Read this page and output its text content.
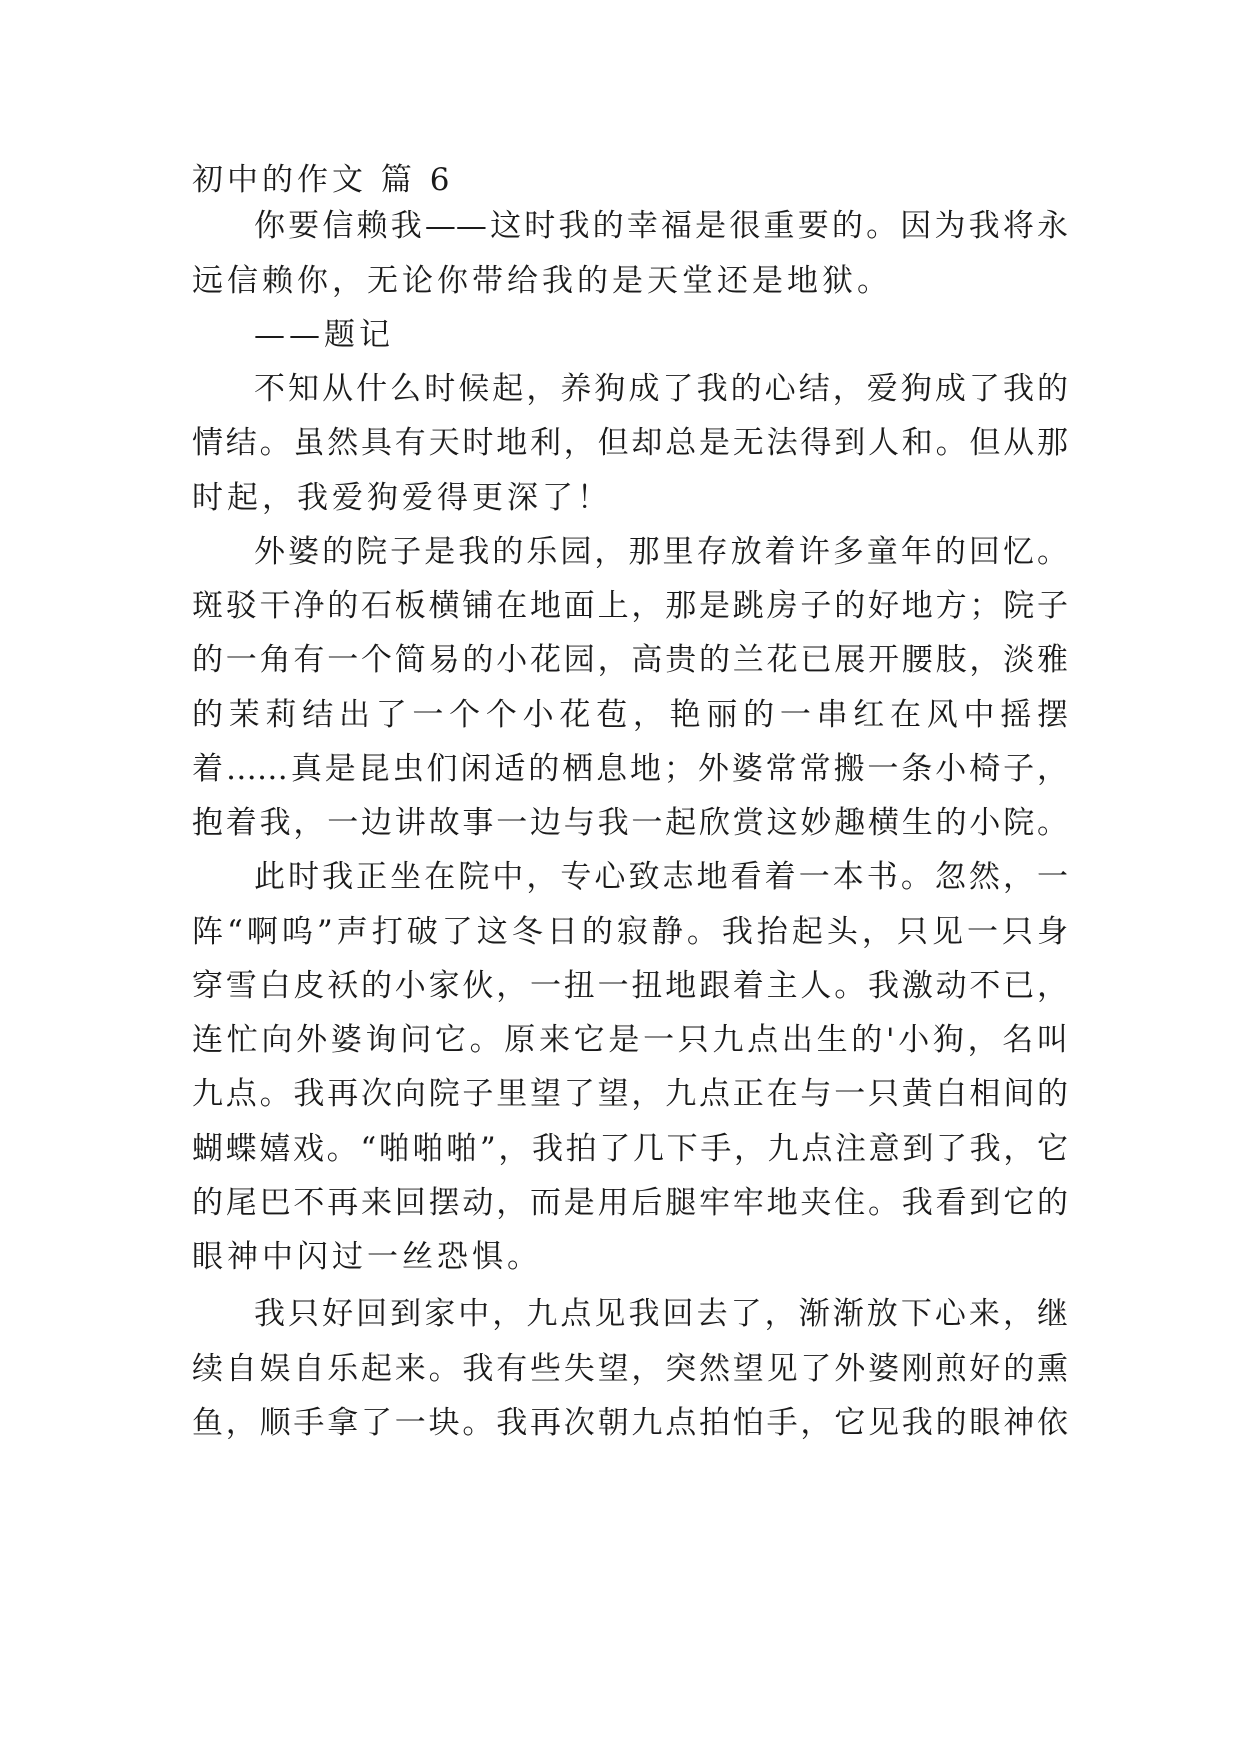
初中的作文 篇 6
你要信赖我——这时我的幸福是很重要的。因为我将永
远信赖你，无论你带给我的是天堂还是地狱。
——题记
不知从什么时候起，养狗成了我的心结，爱狗成了我的
情结。虽然具有天时地利，但却总是无法得到人和。但从那
时起，我爱狗爱得更深了！
外婆的院子是我的乐园，那里存放着许多童年的回忆。
斑驳干净的石板横铺在地面上，那是跳房子的好地方；院子
的一角有一个简易的小花园，高贵的兰花已展开腰肢，淡雅
的茉莉结出了一个个小花苞，艳丽的一串红在风中摇摆
着……真是昆虫们闲适的栖息地；外婆常常搬一条小椅子，
抱着我，一边讲故事一边与我一起欣赏这妙趣横生的小院。
此时我正坐在院中，专心致志地看着一本书。忽然，一
阵“啊呜”声打破了这冬日的寂静。我抬起头，只见一只身
穿雪白皮袄的小家伙，一扭一扭地跟着主人。我激动不已，
连忙向外婆询问它。原来它是一只九点出生的'小狗，名叫
九点。我再次向院子里望了望，九点正在与一只黄白相间的
蝴蝶嬉戏。“啪啪啪”，我拍了几下手，九点注意到了我，它
的尾巴不再来回摆动，而是用后腿牢牢地夹住。我看到它的
眼神中闪过一丝恐惧。
我只好回到家中，九点见我回去了，渐渐放下心来，继
续自娱自乐起来。我有些失望，突然望见了外婆刚煎好的熏
鱼，顺手拿了一块。我再次朝九点拍怕手，它见我的眼神依
